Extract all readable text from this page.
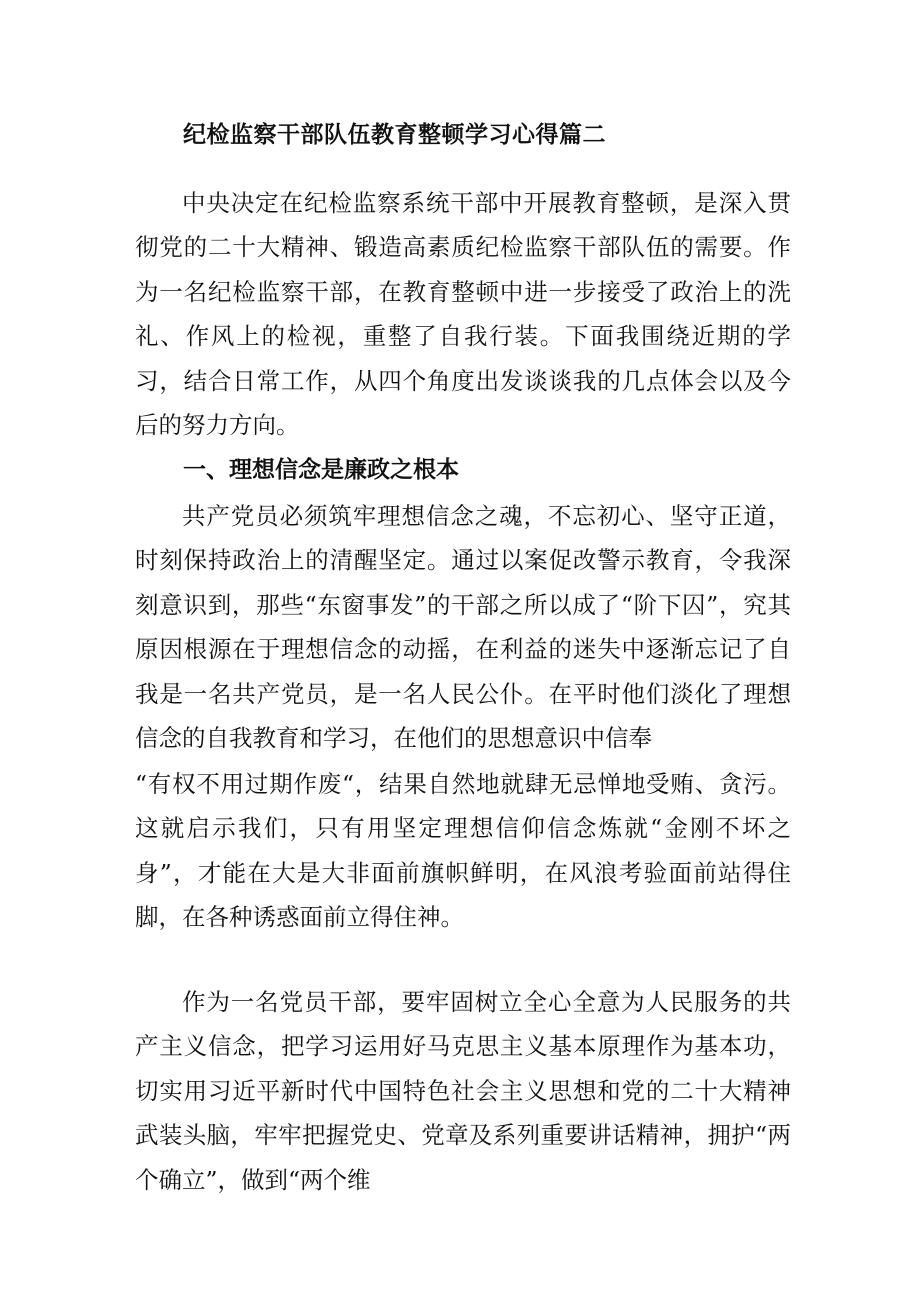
纪检监察干部队伍教育整顿学习心得篇二

中央决定在纪检监察系统干部中开展教育整顿，是深入贯彻党的二十大精神、锻造高素质纪检监察干部队伍的需要。作为一名纪检监察干部，在教育整顿中进一步接受了政治上的洗礼、作风上的检视，重整了自我行装。下面我围绕近期的学习，结合日常工作，从四个角度出发谈谈我的几点体会以及今后的努力方向。

一、理想信念是廉政之根本

共产党员必须筑牢理想信念之魂，不忘初心、坚守正道，时刻保持政治上的清醒坚定。通过以案促改警示教育，令我深刻意识到，那些“东窗事发”的干部之所以成了“阶下囚”，究其原因根源在于理想信念的动摇，在利益的迷失中逐渐忘记了自我是一名共产党员，是一名人民公仆。在平时他们淡化了理想信念的自我教育和学习，在他们的思想意识中信奉

“有权不用过期作废“，结果自然地就肆无忌惮地受贿、贪污。这就启示我们，只有用坚定理想信仰信念炼就“金刚不坏之身”，才能在大是大非面前旗帜鲜明，在风浪考验面前站得住脚，在各种诱惑面前立得住神。

作为一名党员干部，要牢固树立全心全意为人民服务的共产主义信念，把学习运用好马克思主义基本原理作为基本功，切实用习近平新时代中国特色社会主义思想和党的二十大精神武装头脑，牢牢把握党史、党章及系列重要讲话精神，拥护“两个确立”，做到“两个维
